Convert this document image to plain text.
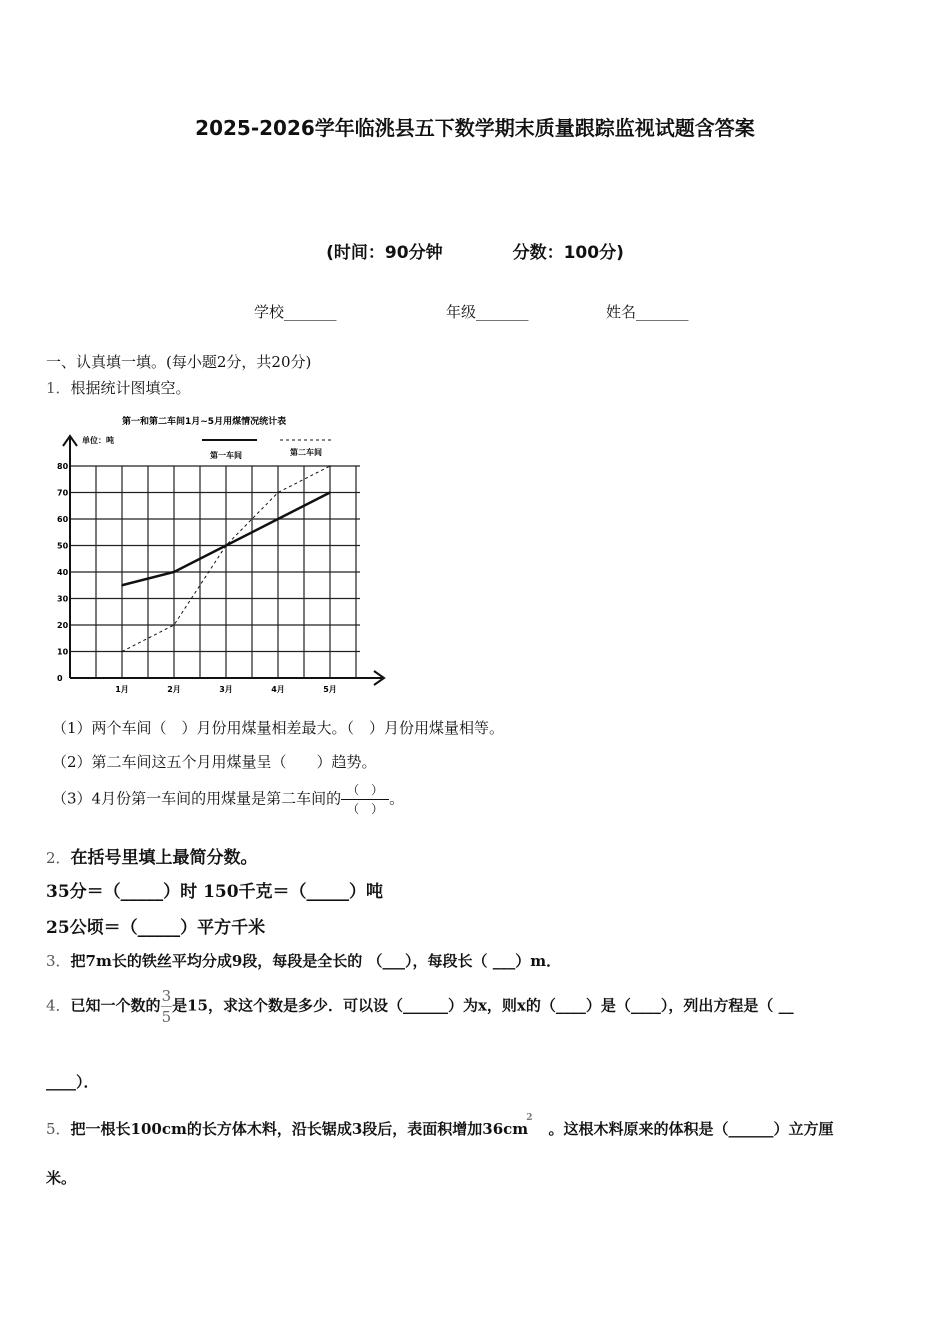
2025-2026学年临洮县五下数学期末质量跟踪监视试题含答案
(时间：90分钟	分数：100分)
学校_______	年级_______	姓名_______
一、认真填一填。(每小题2分，共20分)
1．根据统计图填空。
第一和第二车间1月~5月用煤情况统计表
单位：吨
第一车间	第二车间
0
10
20
30
40
50
60
70
80
1月	2月	3月	4月	5月
（1）两个车间（　）月份用煤量相差最大。（　）月份用煤量相等。
（2）第二车间这五个月用煤量呈（　　）趋势。
（3）4月份第一车间的用煤量是第二车间的 $\frac{( )}{( )}$ 。
2．在括号里填上最简分数。
35分＝（_____）时 150千克＝（_____）吨
25公顷＝（_____）平方千米
3．把7m长的铁丝平均分成9段，每段是全长的 （___），每段长（ ___）m．
4．已知一个数的 $\frac{3}{5}$ 是15，求这个数是多少．可以设（______）为x，则x的（____）是（____），列出方程是（ __
____）．
5．把一根长100cm的长方体木料，沿长锯成3段后，表面积增加$36cm^2$。这根木料原来的体积是（______）立方厘
米。
